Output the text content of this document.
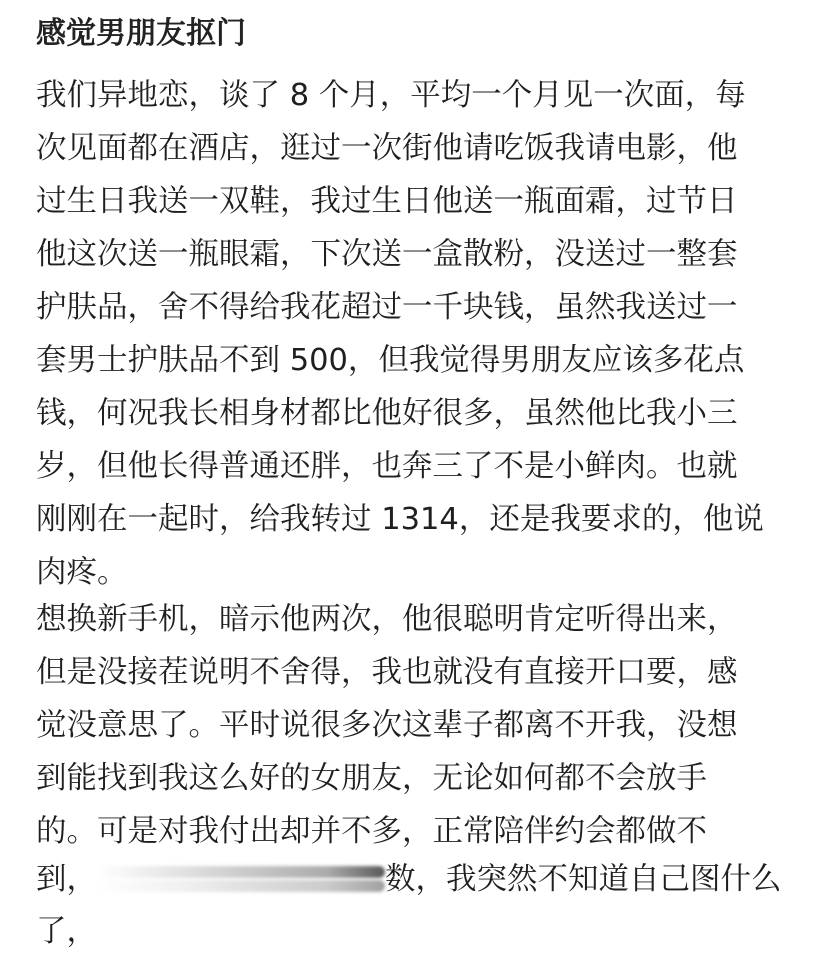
感觉男朋友抠门
我们异地恋，谈了 8 个月，平均一个月见一次面，每
次见面都在酒店，逛过一次街他请吃饭我请电影，他
过生日我送一双鞋，我过生日他送一瓶面霜，过节日
他这次送一瓶眼霜，下次送一盒散粉，没送过一整套
护肤品，舍不得给我花超过一千块钱，虽然我送过一
套男士护肤品不到 500，但我觉得男朋友应该多花点
钱，何况我长相身材都比他好很多，虽然他比我小三
岁，但他长得普通还胖，也奔三了不是小鲜肉。也就
刚刚在一起时，给我转过 1314，还是我要求的，他说
肉疼。
想换新手机，暗示他两次，他很聪明肯定听得出来，
但是没接茬说明不舍得，我也就没有直接开口要，感
觉没意思了。平时说很多次这辈子都离不开我，没想
到能找到我这么好的女朋友，无论如何都不会放手
的。可是对我付出却并不多，正常陪伴约会都做不
到，	数，我突然不知道自己图什么
了，
